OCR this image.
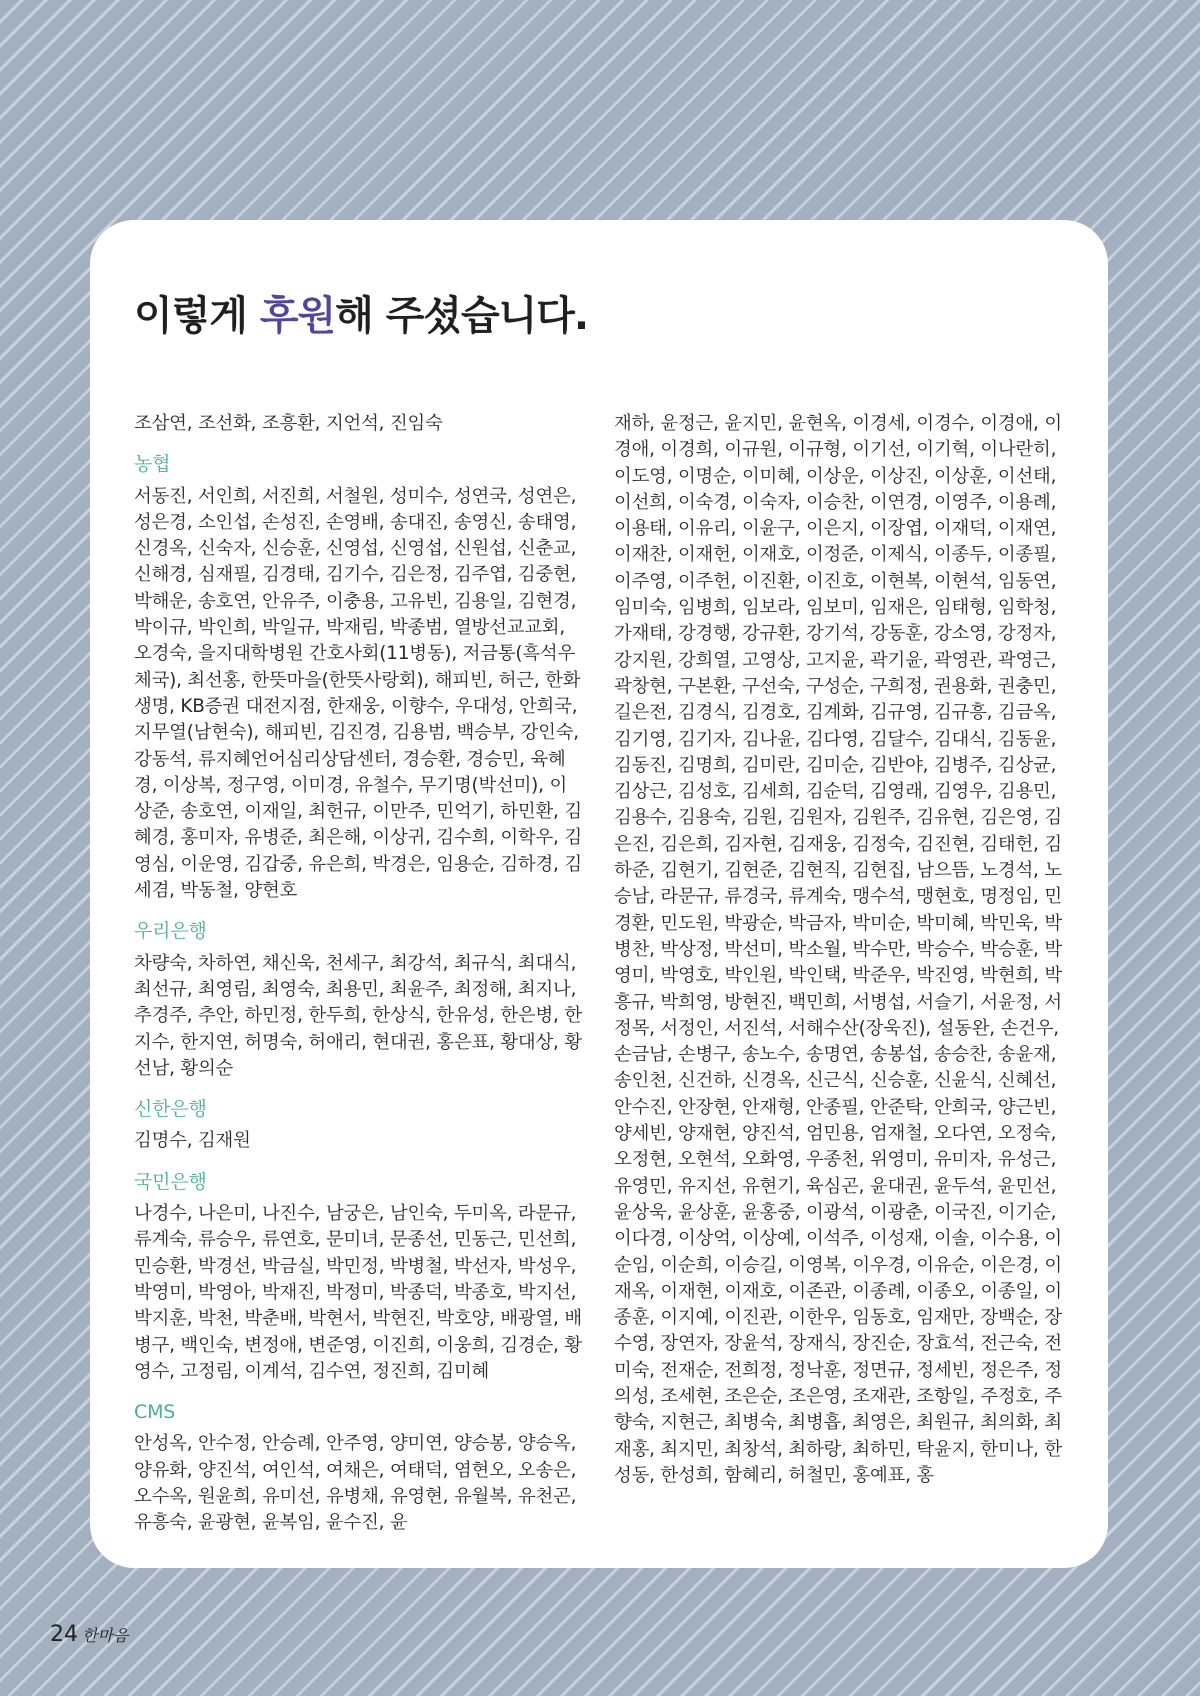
이렇게 후원해 주셨습니다.

조삼연, 조선화, 조흥환, 지언석, 진임숙

농협

서동진, 서인희, 서진희, 서철원, 성미수, 성연국, 성연은, 성은경, 소인섭, 손성진, 손영배, 송대진, 송영신, 송태영, 신경옥, 신숙자, 신승훈, 신영섭, 신영섭, 신원섭, 신춘교, 신해경, 심재필, 김경태, 김기수, 김은정, 김주엽, 김중현, 박해운, 송호연, 안유주, 이충용, 고유빈, 김용일, 김현경, 박이규, 박인희, 박일규, 박재림, 박종범, 열방선교교회, 오경숙, 을지대학병원 간호사회(11병동), 저금통(흑석우체국), 최선홍, 한뜻마을(한뜻사랑회), 해피빈, 허근, 한화생명, KB증권 대전지점, 한재웅, 이향수, 우대성, 안희국, 지무열(남현숙), 해피빈, 김진경, 김용범, 백승부, 강인숙, 강동석, 류지혜언어심리상담센터, 경승환, 경승민, 육혜경, 이상복, 정구영, 이미경, 유철수, 무기명(박선미), 이상준, 송호연, 이재일, 최헌규, 이만주, 민억기, 하민환, 김혜경, 홍미자, 유병준, 최은해, 이상귀, 김수희, 이학우, 김영심, 이운영, 김갑중, 유은희, 박경은, 임용순, 김하경, 김세겸, 박동철, 양현호

우리은행

차량숙, 차하연, 채신욱, 천세구, 최강석, 최규식, 최대식, 최선규, 최영림, 최영숙, 최용민, 최윤주, 최정해, 최지나, 추경주, 추안, 하민정, 한두희, 한상식, 한유성, 한은병, 한지수, 한지연, 허명숙, 허애리, 현대권, 홍은표, 황대상, 황선남, 황의순

신한은행

김명수, 김재원

국민은행

나경수, 나은미, 나진수, 남궁은, 남인숙, 두미옥, 라문규, 류계숙, 류승우, 류연호, 문미녀, 문종선, 민동근, 민선희, 민승환, 박경선, 박금실, 박민정, 박병철, 박선자, 박성우, 박영미, 박영아, 박재진, 박정미, 박종덕, 박종호, 박지선, 박지훈, 박천, 박춘배, 박현서, 박현진, 박호양, 배광열, 배병구, 백인숙, 변정애, 변준영, 이진희, 이웅희, 김경순, 황영수, 고정림, 이계석, 김수연, 정진희, 김미혜

CMS

안성옥, 안수정, 안승례, 안주영, 양미연, 양승봉, 양승옥, 양유화, 양진석, 여인석, 여채은, 여태덕, 염현오, 오송은, 오수옥, 원윤희, 유미선, 유병채, 유영현, 유월복, 유천곤, 유흥숙, 윤광현, 윤복임, 윤수진, 윤

재하, 윤정근, 윤지민, 윤현옥, 이경세, 이경수, 이경애, 이경애, 이경희, 이규원, 이규형, 이기선, 이기혁, 이나란히, 이도영, 이명순, 이미혜, 이상운, 이상진, 이상훈, 이선태, 이선희, 이숙경, 이숙자, 이승찬, 이연경, 이영주, 이용례, 이용태, 이유리, 이윤구, 이은지, 이장엽, 이재덕, 이재연, 이재찬, 이재헌, 이재호, 이정준, 이제식, 이종두, 이종필, 이주영, 이주헌, 이진환, 이진호, 이현복, 이현석, 임동연, 임미숙, 임병희, 임보라, 임보미, 임재은, 임태형, 임학청, 가재태, 강경행, 강규환, 강기석, 강동훈, 강소영, 강정자, 강지원, 강희열, 고영상, 고지윤, 곽기윤, 곽영관, 곽영근, 곽창현, 구본환, 구선숙, 구성순, 구희정, 권용화, 권충민, 길은전, 김경식, 김경호, 김계화, 김규영, 김규흥, 김금옥, 김기영, 김기자, 김나윤, 김다영, 김달수, 김대식, 김동윤, 김동진, 김명희, 김미란, 김미순, 김반야, 김병주, 김상균, 김상근, 김성호, 김세희, 김순덕, 김영래, 김영우, 김용민, 김용수, 김용숙, 김원, 김원자, 김원주, 김유현, 김은영, 김은진, 김은희, 김자현, 김재웅, 김정숙, 김진현, 김태헌, 김하준, 김현기, 김현준, 김현직, 김현집, 남으뜸, 노경석, 노승남, 라문규, 류경국, 류계숙, 맹수석, 맹현호, 명정임, 민경환, 민도원, 박광순, 박금자, 박미순, 박미혜, 박민욱, 박병찬, 박상정, 박선미, 박소월, 박수만, 박승수, 박승훈, 박영미, 박영호, 박인원, 박인택, 박준우, 박진영, 박현희, 박흥규, 박희영, 방현진, 백민희, 서병섭, 서슬기, 서윤정, 서정목, 서정인, 서진석, 서해수산(장욱진), 설동완, 손건우, 손금남, 손병구, 송노수, 송명연, 송봉섭, 송승찬, 송윤재, 송인천, 신건하, 신경옥, 신근식, 신승훈, 신윤식, 신혜선, 안수진, 안장현, 안재형, 안종필, 안준탁, 안희국, 양근빈, 양세빈, 양재현, 양진석, 엄민용, 엄재철, 오다연, 오정숙, 오정현, 오현석, 오화영, 우종천, 위영미, 유미자, 유성근, 유영민, 유지선, 유현기, 육심곤, 윤대권, 윤두석, 윤민선, 윤상욱, 윤상훈, 윤홍중, 이광석, 이광춘, 이국진, 이기순, 이다경, 이상억, 이상예, 이석주, 이성재, 이솔, 이수용, 이순임, 이순희, 이승길, 이영복, 이우경, 이유순, 이은경, 이재옥, 이재현, 이재호, 이존관, 이종례, 이종오, 이종일, 이종훈, 이지예, 이진관, 이한우, 임동호, 임재만, 장백순, 장수영, 장연자, 장윤석, 장재식, 장진순, 장효석, 전근숙, 전미숙, 전재순, 전희정, 정낙훈, 정면규, 정세빈, 정은주, 정의성, 조세현, 조은순, 조은영, 조재관, 조항일, 주정호, 주향숙, 지현근, 최병숙, 최병흡, 최영은, 최원규, 최의화, 최재홍, 최지민, 최창석, 최하랑, 최하민, 탁윤지, 한미나, 한성동, 한성희, 함혜리, 허철민, 홍예표, 홍

24 한마음
